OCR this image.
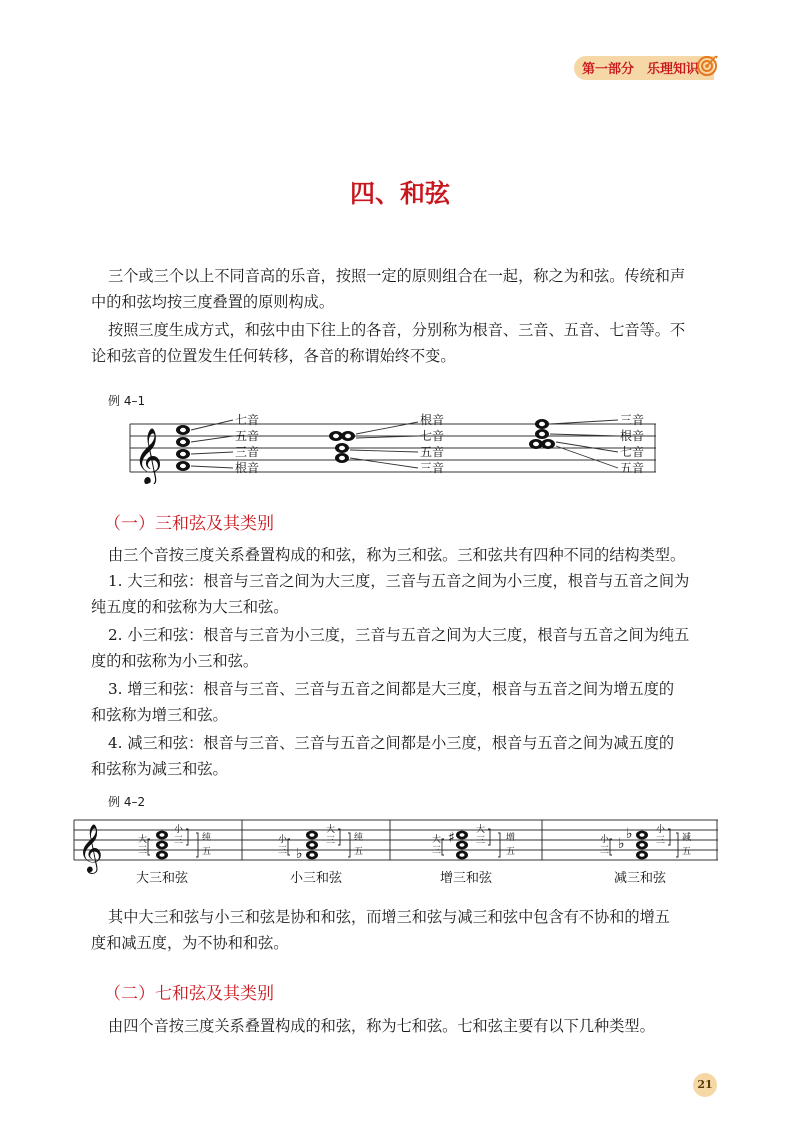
第一部分　乐理知识
四、和弦
三个或三个以上不同音高的乐音，按照一定的原则组合在一起，称之为和弦。传统和声
中的和弦均按三度叠置的原则构成。
按照三度生成方式，和弦中由下往上的各音，分别称为根音、三音、五音、七音等。不
论和弦音的位置发生任何转移，各音的称谓始终不变。
例 4–1
𝄞
七音
五音
三音
根音
根音
七音
五音
三音
三音
根音
七音
五音
（一）三和弦及其类别
由三个音按三度关系叠置构成的和弦，称为三和弦。三和弦共有四种不同的结构类型。
1. 大三和弦：根音与三音之间为大三度，三音与五音之间为小三度，根音与五音之间为
纯五度的和弦称为大三和弦。
2. 小三和弦：根音与三音为小三度，三音与五音之间为大三度，根音与五音之间为纯五
度的和弦称为小三和弦。
3. 增三和弦：根音与三音、三音与五音之间都是大三度，根音与五音之间为增五度的
和弦称为增三和弦。
4. 减三和弦：根音与三音、三音与五音之间都是小三度，根音与五音之间为减五度的
和弦称为减三和弦。
例 4–2
𝄞	大
三
小
三 纯
五
大三和弦
♭
小
三
大
三 纯
五
小三和弦
♯
大
三
大
三 增
五
增三和弦
♭
♭
小
三
小
三 减
五
减三和弦
其中大三和弦与小三和弦是协和和弦，而增三和弦与减三和弦中包含有不协和的增五
度和减五度，为不协和和弦。
（二）七和弦及其类别
由四个音按三度关系叠置构成的和弦，称为七和弦。七和弦主要有以下几种类型。
21
